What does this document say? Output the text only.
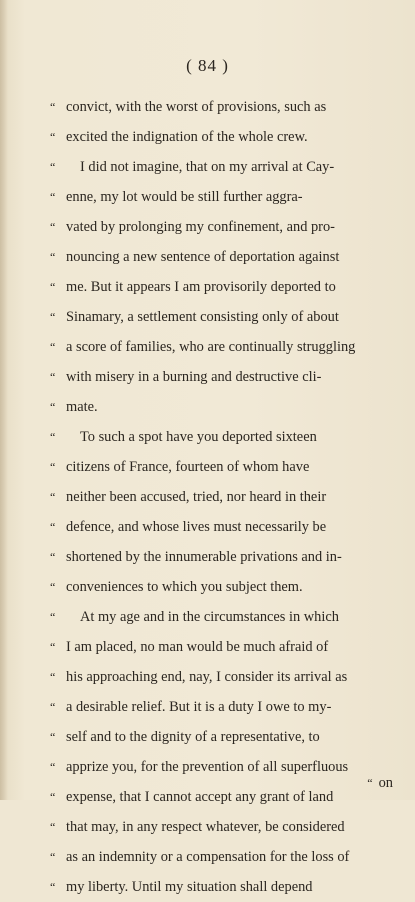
( 84 )
“ convict, with the worst of provisions, such as
“ excited the indignation of the whole crew.
“ I did not imagine, that on my arrival at Cay-
“ enne, my lot would be still further aggra-
“ vated by prolonging my confinement, and pro-
“ nouncing a new sentence of deportation against
“ me. But it appears I am provisorily deported to
“ Sinamary, a settlement consisting only of about
“ a score of families, who are continually struggling
“ with misery in a burning and destructive cli-
“ mate.
“ To such a spot have you deported sixteen
“ citizens of France, fourteen of whom have
“ neither been accused, tried, nor heard in their
“ defence, and whose lives must necessarily be
“ shortened by the innumerable privations and in-
“ conveniences to which you subject them.
“ At my age and in the circumstances in which
“ I am placed, no man would be much afraid of
“ his approaching end, nay, I consider its arrival as
“ a desirable relief. But it is a duty I owe to my-
“ self and to the dignity of a representative, to
“ apprize you, for the prevention of all superfluous
“ expense, that I cannot accept any grant of land
“ that may, in any respect whatever, be considered
“ as an indemnity or a compensation for the loss of
“ my liberty. Until my situation shall depend
“ on
